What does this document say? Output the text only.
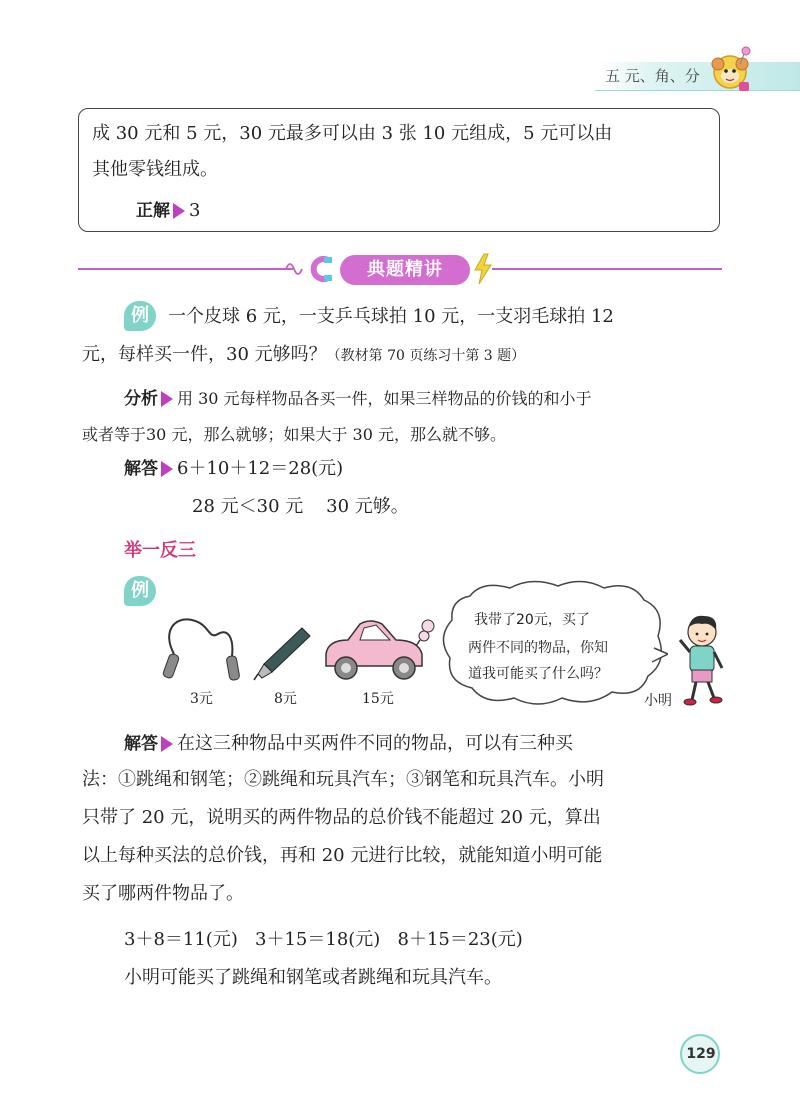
五 元、角、分
成 30 元和 5 元，30 元最多可以由 3 张 10 元组成，5 元可以由
其他零钱组成。
正解 3
典题精讲
例	一个皮球 6 元，一支乒乓球拍 10 元，一支羽毛球拍 12
元，每样买一件，30 元够吗？（教材第 70 页练习十第 3 题）
分析 用 30 元每样物品各买一件，如果三样物品的价钱的和小于
或者等于30 元，那么就够；如果大于 30 元，那么就不够。
解答 6＋10＋12＝28(元)
28 元＜30 元    30 元够。
举一反三
例
3元	8元	15元
我带了20元，买了
两件不同的物品，你知
道我可能买了什么吗？
小明
解答 在这三种物品中买两件不同的物品，可以有三种买
法：①跳绳和钢笔；②跳绳和玩具汽车；③钢笔和玩具汽车。小明
只带了 20 元，说明买的两件物品的总价钱不能超过 20 元，算出
以上每种买法的总价钱，再和 20 元进行比较，就能知道小明可能
买了哪两件物品了。
3＋8＝11(元)   3＋15＝18(元)   8＋15＝23(元)
小明可能买了跳绳和钢笔或者跳绳和玩具汽车。
129
